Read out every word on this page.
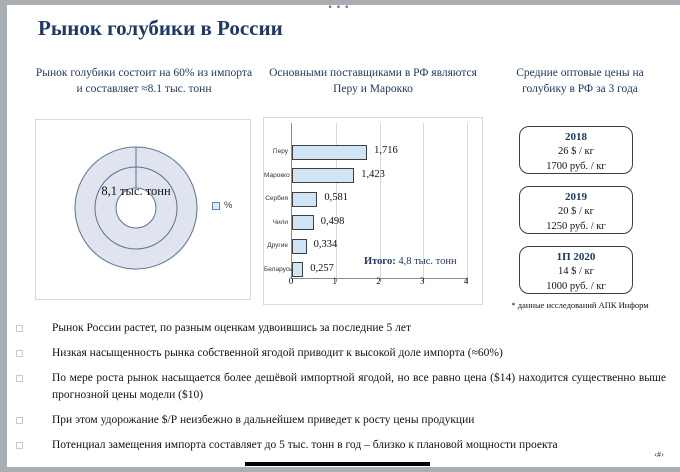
•••
Рынок голубики в России
Рынок голубики состоит на 60% из импорта и составляет ≈8.1 тыс. тонн
Основными поставщиками в РФ являются Перу и Марокко
Средние оптовые цены на голубику в РФ за 3 года
8,1 тыс. тонн
%
0	1	2	3	4
Перу	1,716
Марокко	1,423
Сербия	0,581
Чили	0,498
Другие 0,334
Беларусь 0,257
Итого: 4,8 тыс. тонн
2018
26 $ / кг
1700 руб. / кг
2019
20 $ / кг
1250 руб. / кг
1П 2020
14 $ / кг
1000 руб. / кг
* данные исследований АПК Информ
Рынок России растет, по разным оценкам удвоившись за последние 5 лет
Низкая насыщенность рынка собственной ягодой приводит к высокой доле импорта (≈60%)
По мере роста рынок насыщается более дешёвой импортной ягодой, но все равно цена ($14) находится существенно выше прогнозной цены модели ($10)
При этом удорожание $/Р неизбежно в дальнейшем приведет к росту цены продукции
Потенциал замещения импорта составляет до 5 тыс. тонн в год – близко к плановой мощности проекта
‹#›
